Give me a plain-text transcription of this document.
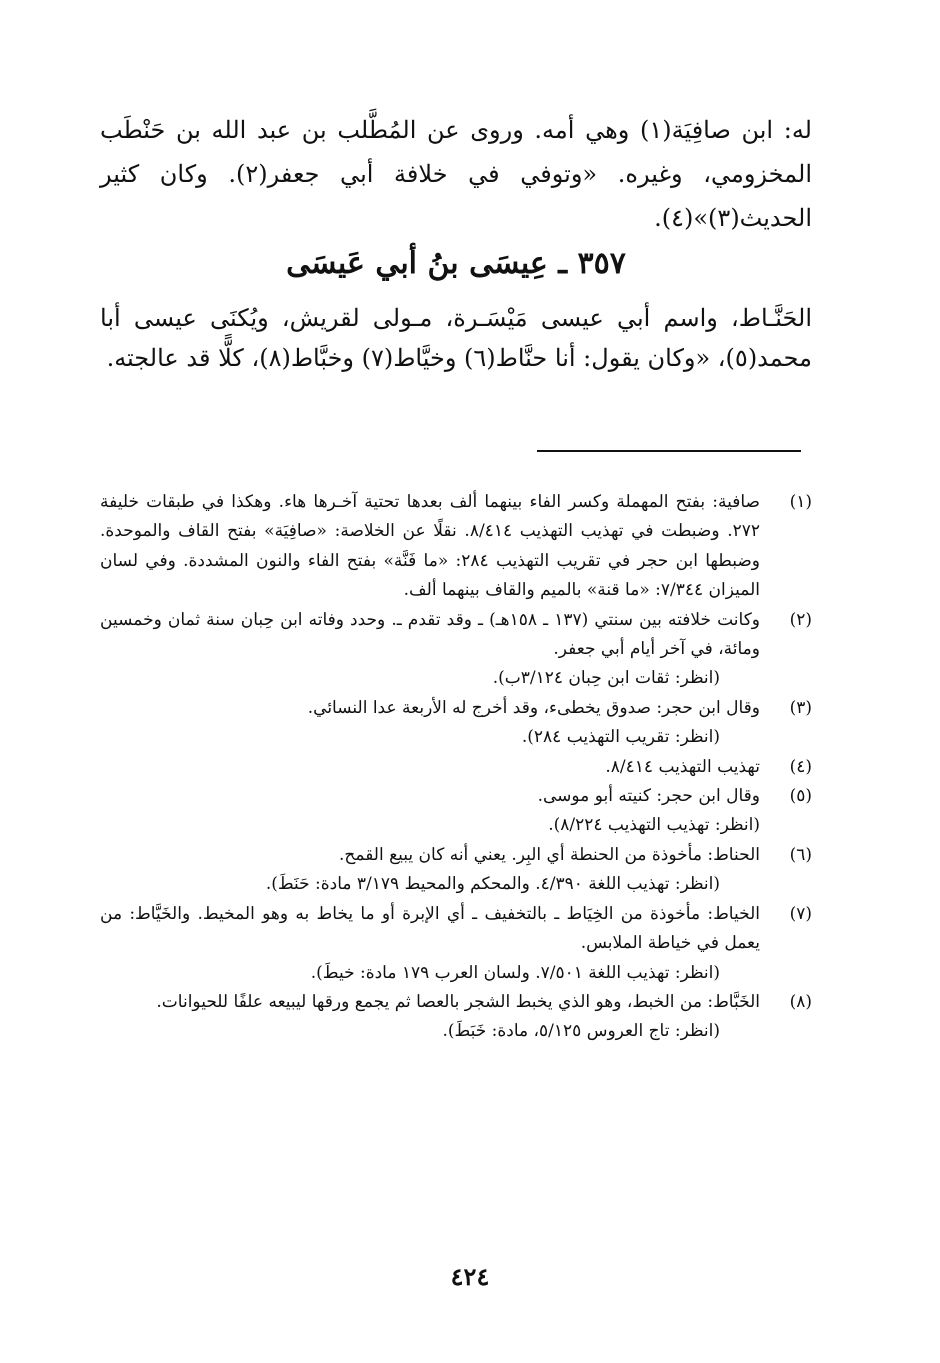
له: ابن صافِيَة(١) وهي أمه. وروى عن المُطَّلب بن عبد الله بن حَنْطَب المخزومي، وغيره. «وتوفي في خلافة أبي جعفر(٢). وكان كثير الحديث(٣)»(٤).
٣٥٧ ـ عِيسَى بنُ أبي عَيسَى
الحَنَّـاط، واسم أبي عيسى مَيْسَـرة، مـولى لقريش، ويُكنَى عيسى أبا محمد(٥)، «وكان يقول: أنا حنَّاط(٦) وخيَّاط(٧) وخبَّاط(٨)، كلًّا قد عالجته.
(١)
صافية: بفتح المهملة وكسر الفاء بينهما ألف بعدها تحتية آخـرها هاء. وهكذا في طبقات خليفة ٢٧٢. وضبطت في تهذيب التهذيب ٨/٤١٤. نقلًا عن الخلاصة: «صافِيَة» بفتح القاف والموحدة. وضبطها ابن حجر في تقريب التهذيب ٢٨٤: «ما فَنَّة» بفتح الفاء والنون المشددة. وفي لسان الميزان ٧/٣٤٤: «ما قنة» بالميم والقاف بينهما ألف.
(٢)
وكانت خلافته بين سنتي (١٣٧ ـ ١٥٨هـ) ـ وقد تقدم ـ. وحدد وفاته ابن حِبان سنة ثمان وخمسين ومائة، في آخر أيام أبي جعفر.
(انظر: ثقات ابن حِبان ٣/١٢٤ب).
(٣)
وقال ابن حجر: صدوق يخطىء، وقد أخرج له الأربعة عدا النسائي.
(انظر: تقريب التهذيب ٢٨٤).
(٤)
تهذيب التهذيب ٨/٤١٤.
(٥)
وقال ابن حجر: كنيته أبو موسى.
(انظر: تهذيب التهذيب ٨/٢٢٤).
(٦)
الحناط: مأخوذة من الحنطة أي البِر. يعني أنه كان يبيع القمح.
(انظر: تهذيب اللغة ٤/٣٩٠. والمحكم والمحيط ٣/١٧٩ مادة: حَنَطَ).
(٧)
الخياط: مأخوذة من الخِيَاط ـ بالتخفيف ـ أي الإبرة أو ما يخاط به وهو المخيط. والخَيَّاط: من يعمل في خياطة الملابس.
(انظر: تهذيب اللغة ٧/٥٠١. ولسان العرب ١٧٩ مادة: خيطَ).
(٨)
الخَبَّاط: من الخبط، وهو الذي يخبط الشجر بالعصا ثم يجمع ورقها ليبيعه علفًا للحيوانات.
(انظر: تاج العروس ٥/١٢٥، مادة: خَبَطَ).
٤٢٤
